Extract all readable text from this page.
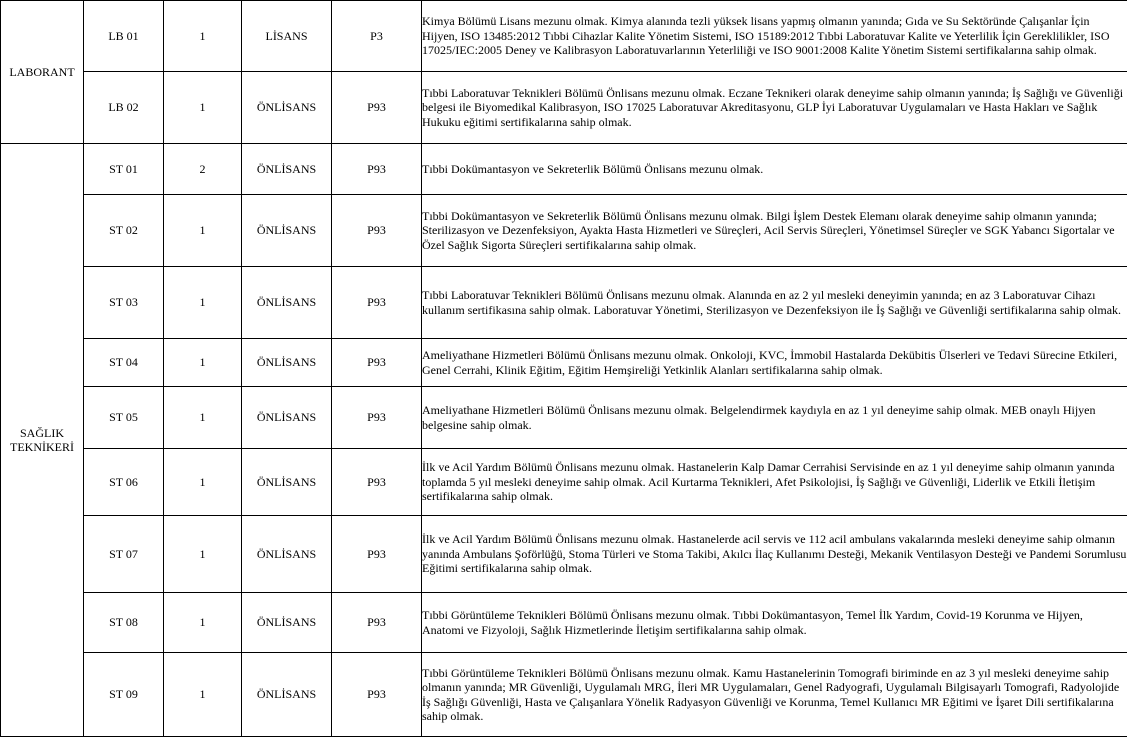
LABORANT	LB 01	1	LİSANS	P3	Kimya Bölümü Lisans mezunu olmak. Kimya alanında tezli yüksek lisans yapmış olmanın yanında; Gıda ve Su Sektöründe Çalışanlar İçin Hijyen, ISO 13485:2012 Tıbbi Cihazlar Kalite Yönetim Sistemi, ISO 15189:2012 Tıbbi Laboratuvar Kalite ve Yeterlilik İçin Gereklilikler, ISO 17025/IEC:2005 Deney ve Kalibrasyon Laboratuvarlarının Yeterliliği ve ISO 9001:2008 Kalite Yönetim Sistemi sertifikalarına sahip olmak.
	LB 02	1	ÖNLİSANS	P93	Tıbbi Laboratuvar Teknikleri Bölümü Önlisans mezunu olmak. Eczane Teknikeri olarak deneyime sahip olmanın yanında; İş Sağlığı ve Güvenliği belgesi ile Biyomedikal Kalibrasyon, ISO 17025 Laboratuvar Akreditasyonu, GLP İyi Laboratuvar Uygulamaları ve Hasta Hakları ve Sağlık Hukuku eğitimi sertifikalarına sahip olmak.
SAĞLIK TEKNİKERİ	ST 01	2	ÖNLİSANS	P93	Tıbbi Dokümantasyon ve Sekreterlik Bölümü Önlisans mezunu olmak.
	ST 02	1	ÖNLİSANS	P93	Tıbbi Dokümantasyon ve Sekreterlik Bölümü Önlisans mezunu olmak. Bilgi İşlem Destek Elemanı olarak deneyime sahip olmanın yanında; Sterilizasyon ve Dezenfeksiyon, Ayakta Hasta Hizmetleri ve Süreçleri, Acil Servis Süreçleri, Yönetimsel Süreçler ve SGK Yabancı Sigortalar ve Özel Sağlık Sigorta Süreçleri sertifikalarına sahip olmak.
	ST 03	1	ÖNLİSANS	P93	Tıbbi Laboratuvar Teknikleri Bölümü Önlisans mezunu olmak. Alanında en az 2 yıl mesleki deneyimin yanında; en az 3 Laboratuvar Cihazı kullanım sertifikasına sahip olmak. Laboratuvar Yönetimi, Sterilizasyon ve Dezenfeksiyon ile İş Sağlığı ve Güvenliği sertifikalarına sahip olmak.
	ST 04	1	ÖNLİSANS	P93	Ameliyathane Hizmetleri Bölümü Önlisans mezunu olmak. Onkoloji, KVC, İmmobil Hastalarda Dekübitis Ülserleri ve Tedavi Sürecine Etkileri, Genel Cerrahi, Klinik Eğitim, Eğitim Hemşireliği Yetkinlik Alanları sertifikalarına sahip olmak.
	ST 05	1	ÖNLİSANS	P93	Ameliyathane Hizmetleri Bölümü Önlisans mezunu olmak. Belgelendirmek kaydıyla en az 1 yıl deneyime sahip olmak. MEB onaylı Hijyen belgesine sahip olmak.
	ST 06	1	ÖNLİSANS	P93	İlk ve Acil Yardım Bölümü Önlisans mezunu olmak. Hastanelerin Kalp Damar Cerrahisi Servisinde en az 1 yıl deneyime sahip olmanın yanında toplamda 5 yıl mesleki deneyime sahip olmak. Acil Kurtarma Teknikleri, Afet Psikolojisi, İş Sağlığı ve Güvenliği, Liderlik ve Etkili İletişim sertifikalarına sahip olmak.
	ST 07	1	ÖNLİSANS	P93	İlk ve Acil Yardım Bölümü Önlisans mezunu olmak. Hastanelerde acil servis ve 112 acil ambulans vakalarında mesleki deneyime sahip olmanın yanında Ambulans Şoförlüğü, Stoma Türleri ve Stoma Takibi, Akılcı İlaç Kullanımı Desteği, Mekanik Ventilasyon Desteği ve Pandemi Sorumlusu Eğitimi sertifikalarına sahip olmak.
	ST 08	1	ÖNLİSANS	P93	Tıbbi Görüntüleme Teknikleri Bölümü Önlisans mezunu olmak. Tıbbi Dokümantasyon, Temel İlk Yardım, Covid-19 Korunma ve Hijyen, Anatomi ve Fizyoloji, Sağlık Hizmetlerinde İletişim sertifikalarına sahip olmak.
	ST 09	1	ÖNLİSANS	P93	Tıbbi Görüntüleme Teknikleri Bölümü Önlisans mezunu olmak. Kamu Hastanelerinin Tomografi biriminde en az 3 yıl mesleki deneyime sahip olmanın yanında; MR Güvenliği, Uygulamalı MRG, İleri MR Uygulamaları, Genel Radyografi, Uygulamalı Bilgisayarlı Tomografi, Radyolojide İş Sağlığı Güvenliği, Hasta ve Çalışanlara Yönelik Radyasyon Güvenliği ve Korunma, Temel Kullanıcı MR Eğitimi ve İşaret Dili sertifikalarına sahip olmak.
